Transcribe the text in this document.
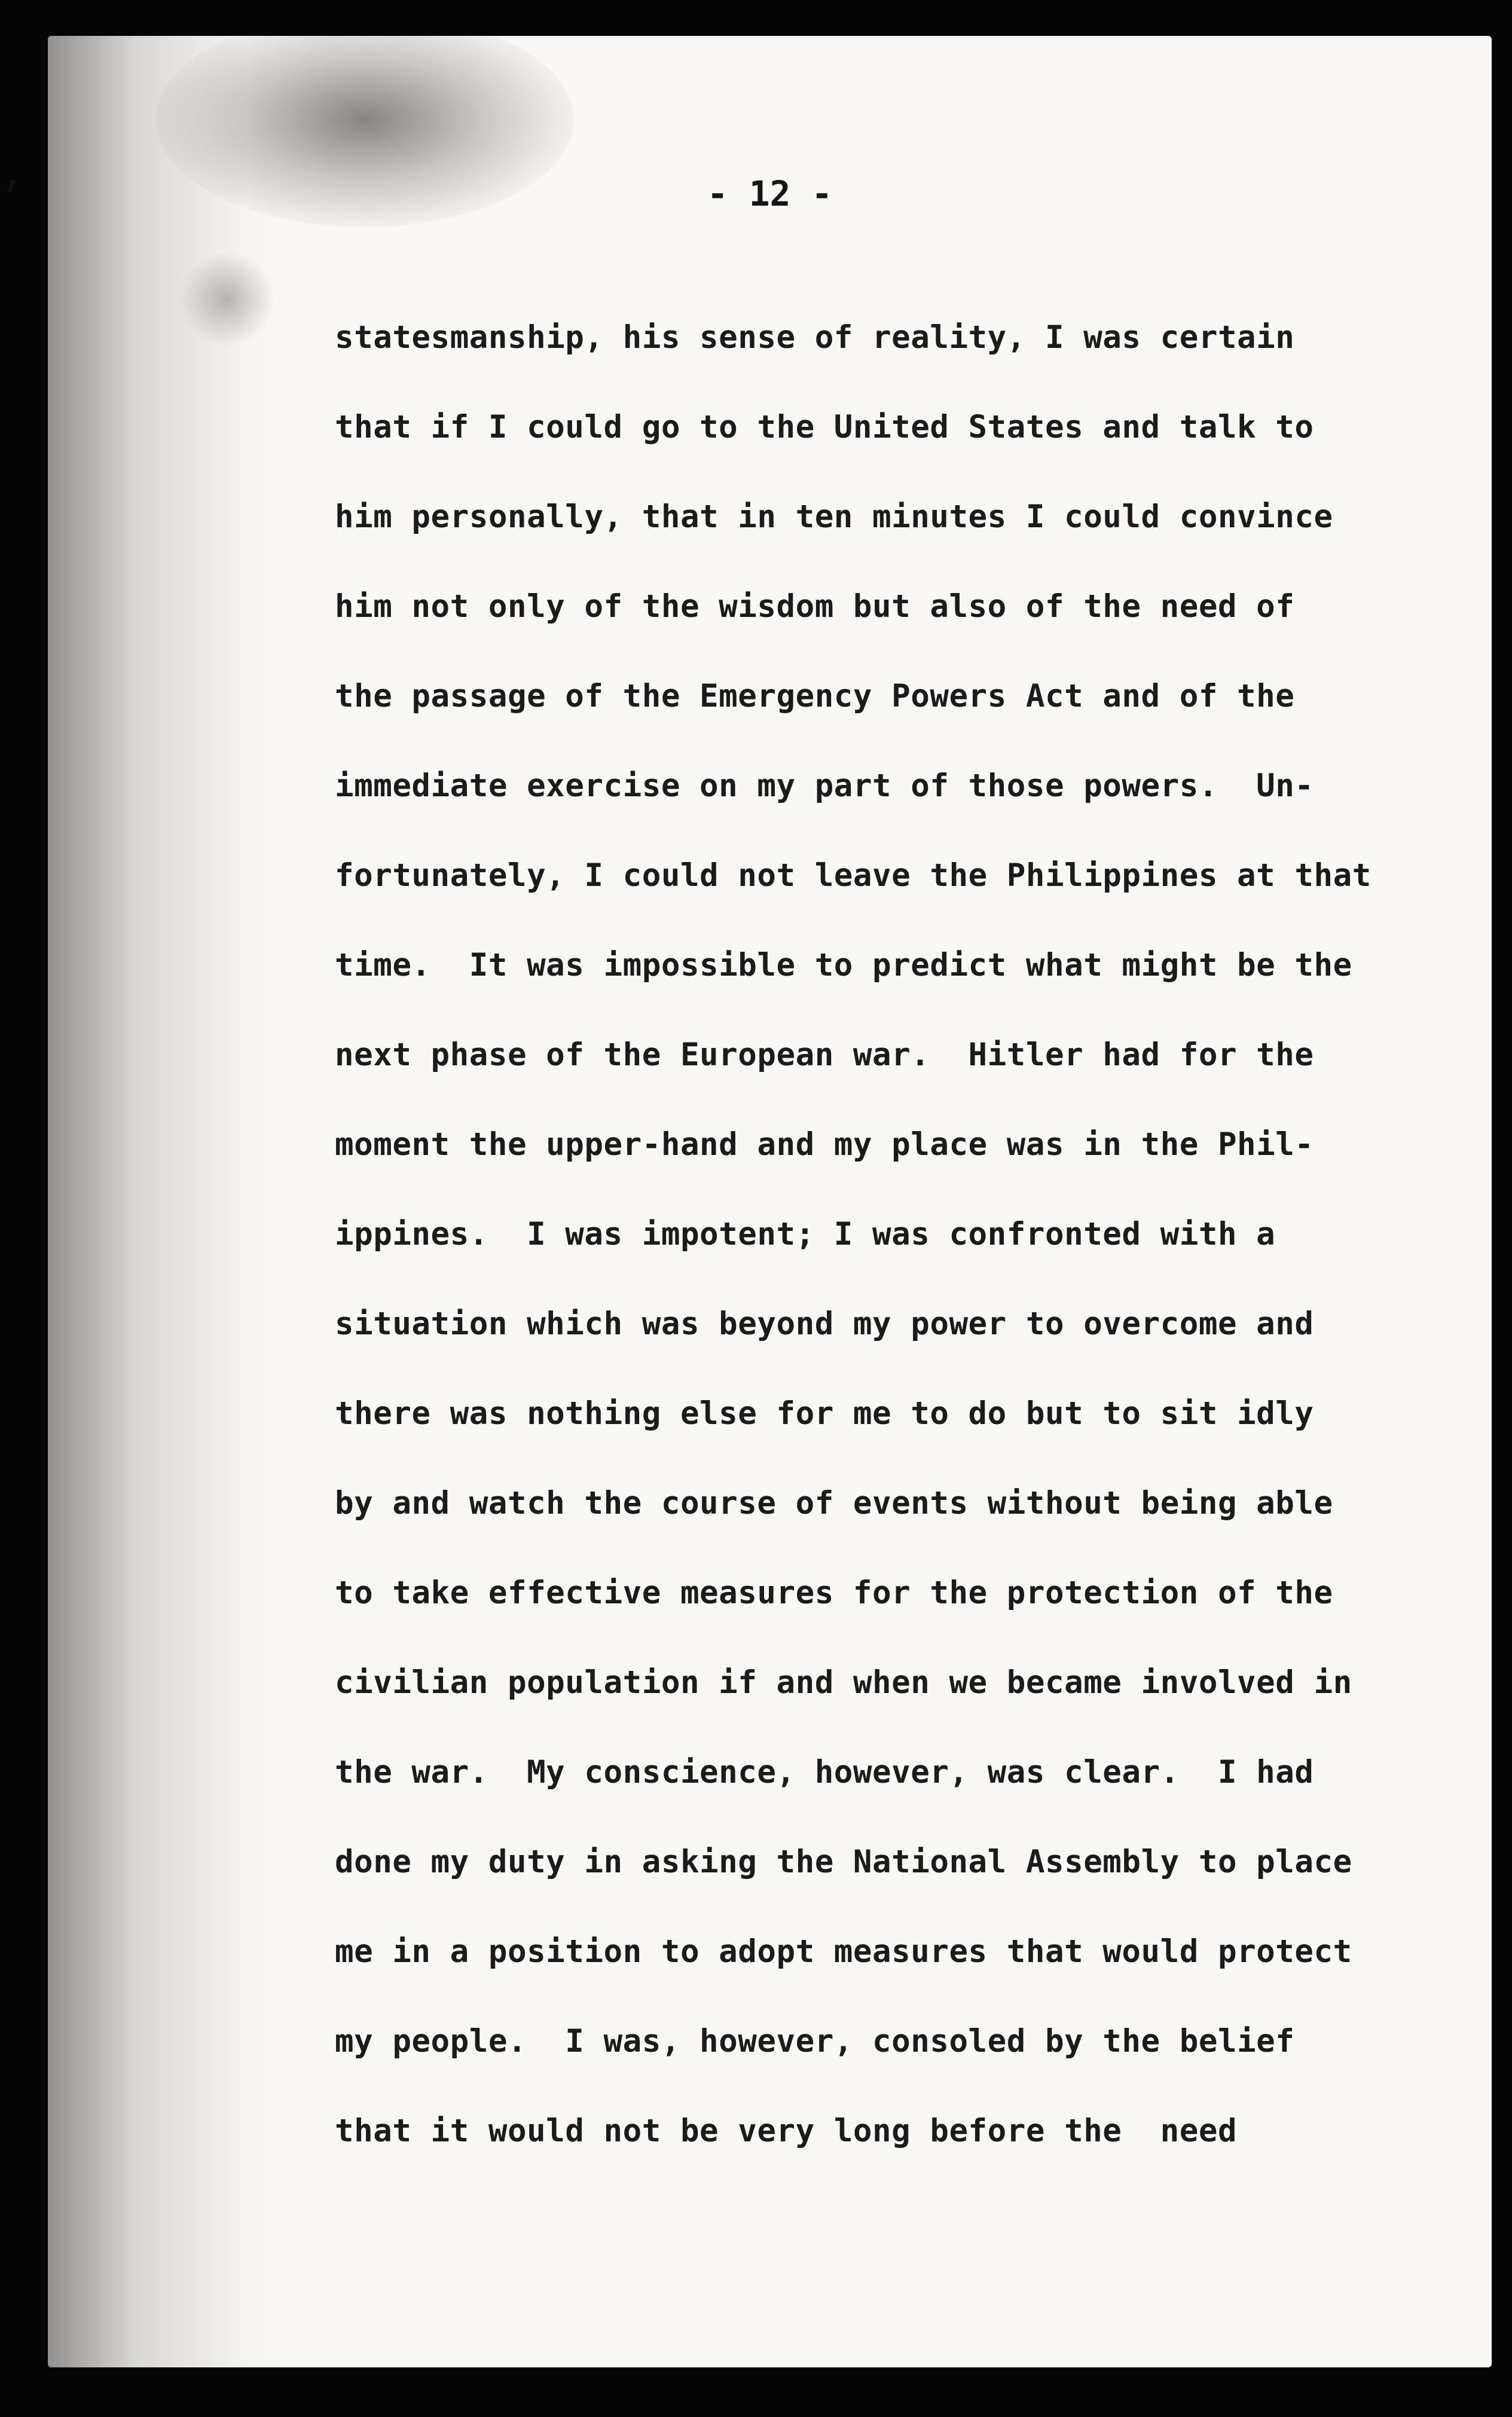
- 12 -
statesmanship, his sense of reality, I was certain
that if I could go to the United States and talk to
him personally, that in ten minutes I could convince
him not only of the wisdom but also of the need of
the passage of the Emergency Powers Act and of the
immediate exercise on my part of those powers.  Un-
fortunately, I could not leave the Philippines at that
time.  It was impossible to predict what might be the
next phase of the European war.  Hitler had for the
moment the upper-hand and my place was in the Phil-
ippines.  I was impotent; I was confronted with a
situation which was beyond my power to overcome and
there was nothing else for me to do but to sit idly
by and watch the course of events without being able
to take effective measures for the protection of the
civilian population if and when we became involved in
the war.  My conscience, however, was clear.  I had
done my duty in asking the National Assembly to place
me in a position to adopt measures that would protect
my people.  I was, however, consoled by the belief
that it would not be very long before the  need
